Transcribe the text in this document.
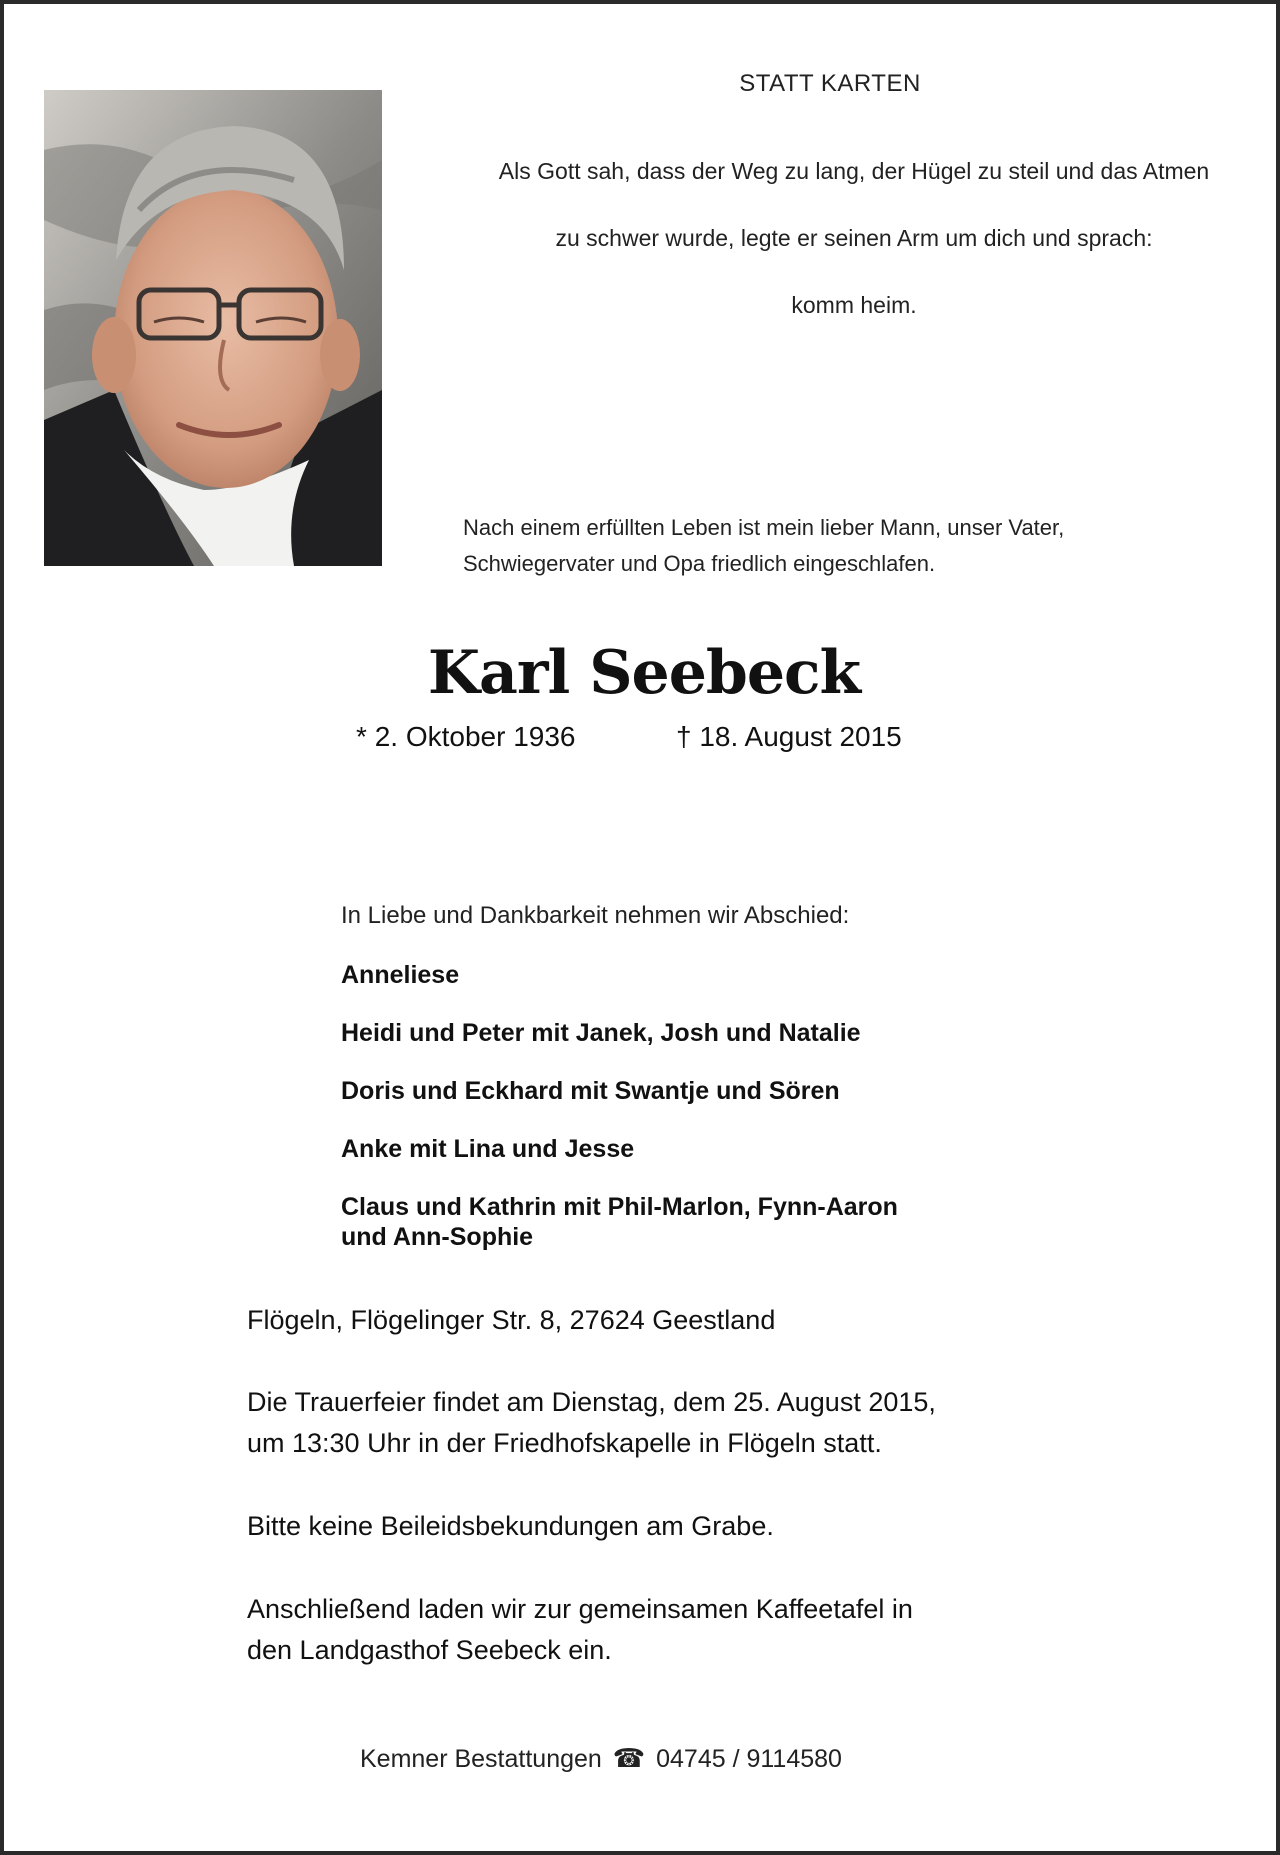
STATT KARTEN
Als Gott sah, dass der Weg zu lang, der Hügel zu steil und das Atmen
zu schwer wurde, legte er seinen Arm um dich und sprach:
komm heim.
Nach einem erfüllten Leben ist mein lieber Mann, unser Vater,
Schwiegervater und Opa friedlich eingeschlafen.
Karl Seebeck
* 2. Oktober 1936	† 18. August 2015
In Liebe und Dankbarkeit nehmen wir Abschied:
Anneliese
Heidi und Peter mit Janek, Josh und Natalie
Doris und Eckhard mit Swantje und Sören
Anke mit Lina und Jesse
Claus und Kathrin mit Phil-Marlon, Fynn-Aaron
und Ann-Sophie
Flögeln, Flögelinger Str. 8, 27624 Geestland
Die Trauerfeier findet am Dienstag, dem 25. August 2015,
um 13:30 Uhr in der Friedhofskapelle in Flögeln statt.
Bitte keine Beileidsbekundungen am Grabe.
Anschließend laden wir zur gemeinsamen Kaffeetafel in
den Landgasthof Seebeck ein.
Kemner Bestattungen ☎ 04745 / 9114580
